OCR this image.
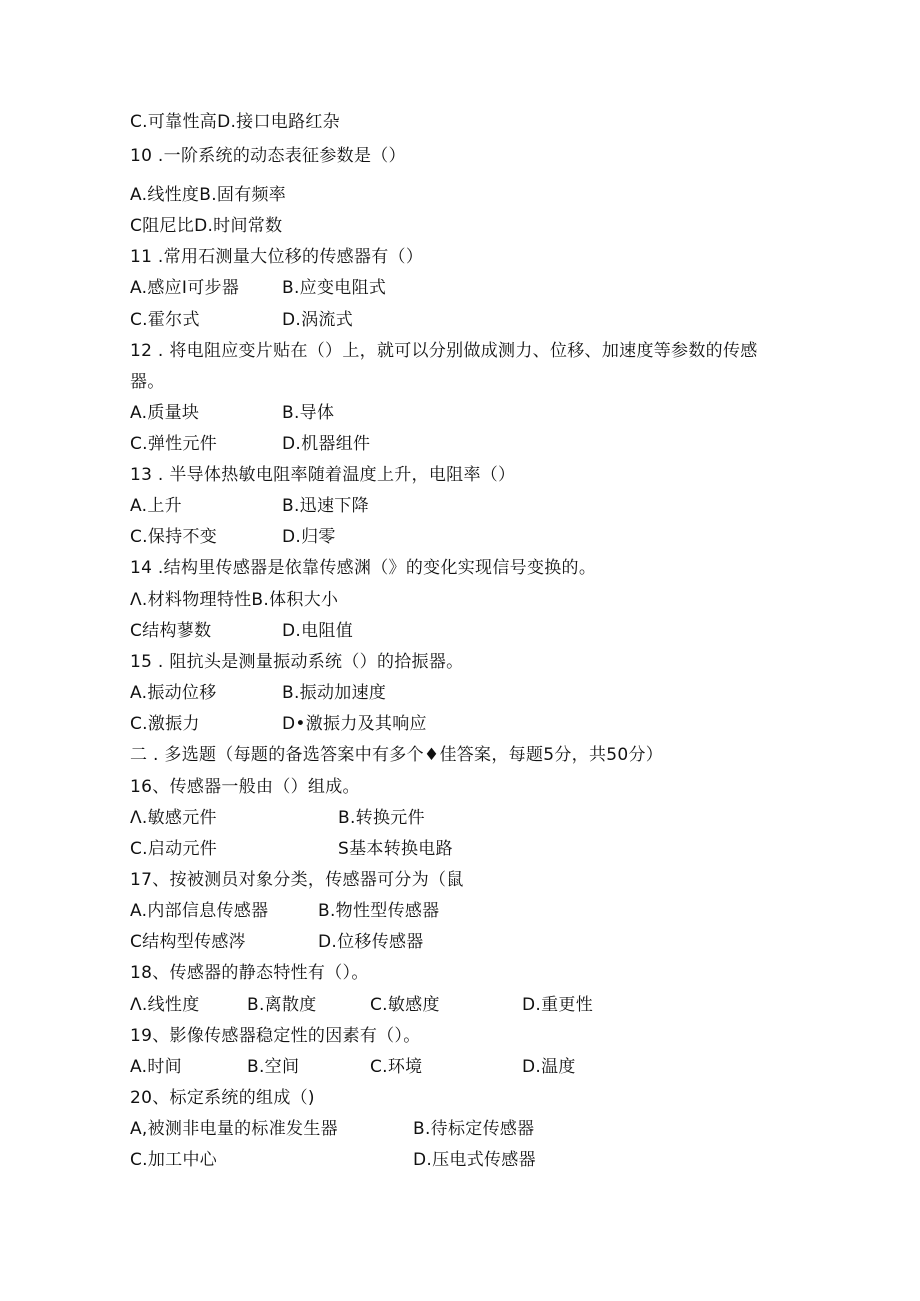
C.可靠性高D.接口电路红杂
10 .一阶系统的动态表征参数是（）
A.线性度B.固有频率
C阻尼比D.时间常数
11 .常用石测量大位移的传感器有（）
A.感应I可步器	B.应变电阻式
C.霍尔式	D.涡流式
12 . 将电阻应变片贴在（）上，就可以分别做成测力、位移、加速度等参数的传感器。
A.质量块	B.导体
C.弹性元件	D.机器组件
13 . 半导体热敏电阻率随着温度上升，电阻率（）
A.上升	B.迅速下降
C.保持不变	D.归零
14 .结构里传感器是依靠传感渊（》的变化实现信号变换的。
Λ.材料物理特性B.体积大小
C结构蓼数	D.电阻值
15 . 阻抗头是测量振动系统（）的拾振器。
A.振动位移	B.振动加速度
C.激振力	D•激振力及其响应
二 . 多选题（每题的备选答案中有多个♦佳答案，每题5分，共50分）
16、传感器一般由（）组成。
Λ.敏感元件	B.转换元件
C.启动元件	S基本转换电路
17、按被测员对象分类，传感器可分为（鼠
A.内部信息传感器	B.物性型传感器
C结构型传感涔	D.位移传感器
18、传感器的静态特性有（）。
Λ.线性度	B.离散度	C.敏感度	D.重更性
19、影像传感器稳定性的因素有（）。
A.时间	B.空间	C.环境	D.温度
20、标定系统的组成（)
A,被测非电量的标准发生器	B.待标定传感器
C.加工中心	D.压电式传感器
